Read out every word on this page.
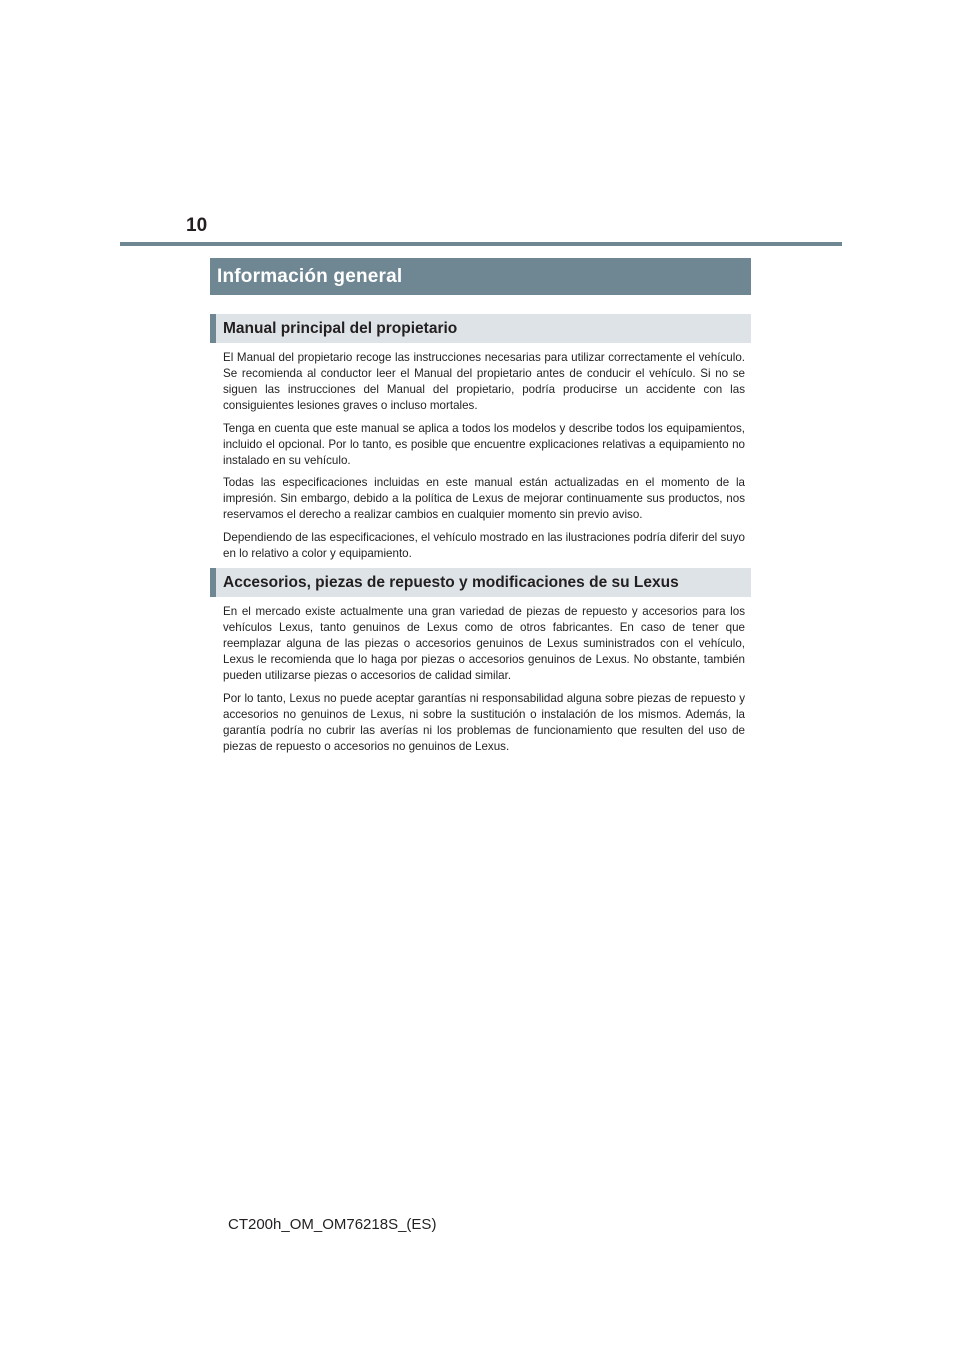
10
Información general
Manual principal del propietario

El Manual del propietario recoge las instrucciones necesarias para utilizar correctamente el vehículo. Se recomienda al conductor leer el Manual del propietario antes de conducir el vehículo. Si no se siguen las instrucciones del Manual del propietario, podría producirse un accidente con las consiguientes lesiones graves o incluso mortales.

Tenga en cuenta que este manual se aplica a todos los modelos y describe todos los equipamientos, incluido el opcional. Por lo tanto, es posible que encuentre explicaciones relativas a equipamiento no instalado en su vehículo.

Todas las especificaciones incluidas en este manual están actualizadas en el momento de la impresión. Sin embargo, debido a la política de Lexus de mejorar continuamente sus productos, nos reservamos el derecho a realizar cambios en cualquier momento sin previo aviso.

Dependiendo de las especificaciones, el vehículo mostrado en las ilustraciones podría diferir del suyo en lo relativo a color y equipamiento.

Accesorios, piezas de repuesto y modificaciones de su Lexus

En el mercado existe actualmente una gran variedad de piezas de repuesto y accesorios para los vehículos Lexus, tanto genuinos de Lexus como de otros fabricantes. En caso de tener que reemplazar alguna de las piezas o accesorios genuinos de Lexus suministrados con el vehículo, Lexus le recomienda que lo haga por piezas o accesorios genuinos de Lexus. No obstante, también pueden utilizarse piezas o accesorios de calidad similar.

Por lo tanto, Lexus no puede aceptar garantías ni responsabilidad alguna sobre piezas de repuesto y accesorios no genuinos de Lexus, ni sobre la sustitución o instalación de los mismos. Además, la garantía podría no cubrir las averías ni los problemas de funcionamiento que resulten del uso de piezas de repuesto o accesorios no genuinos de Lexus.

CT200h_OM_OM76218S_(ES)
